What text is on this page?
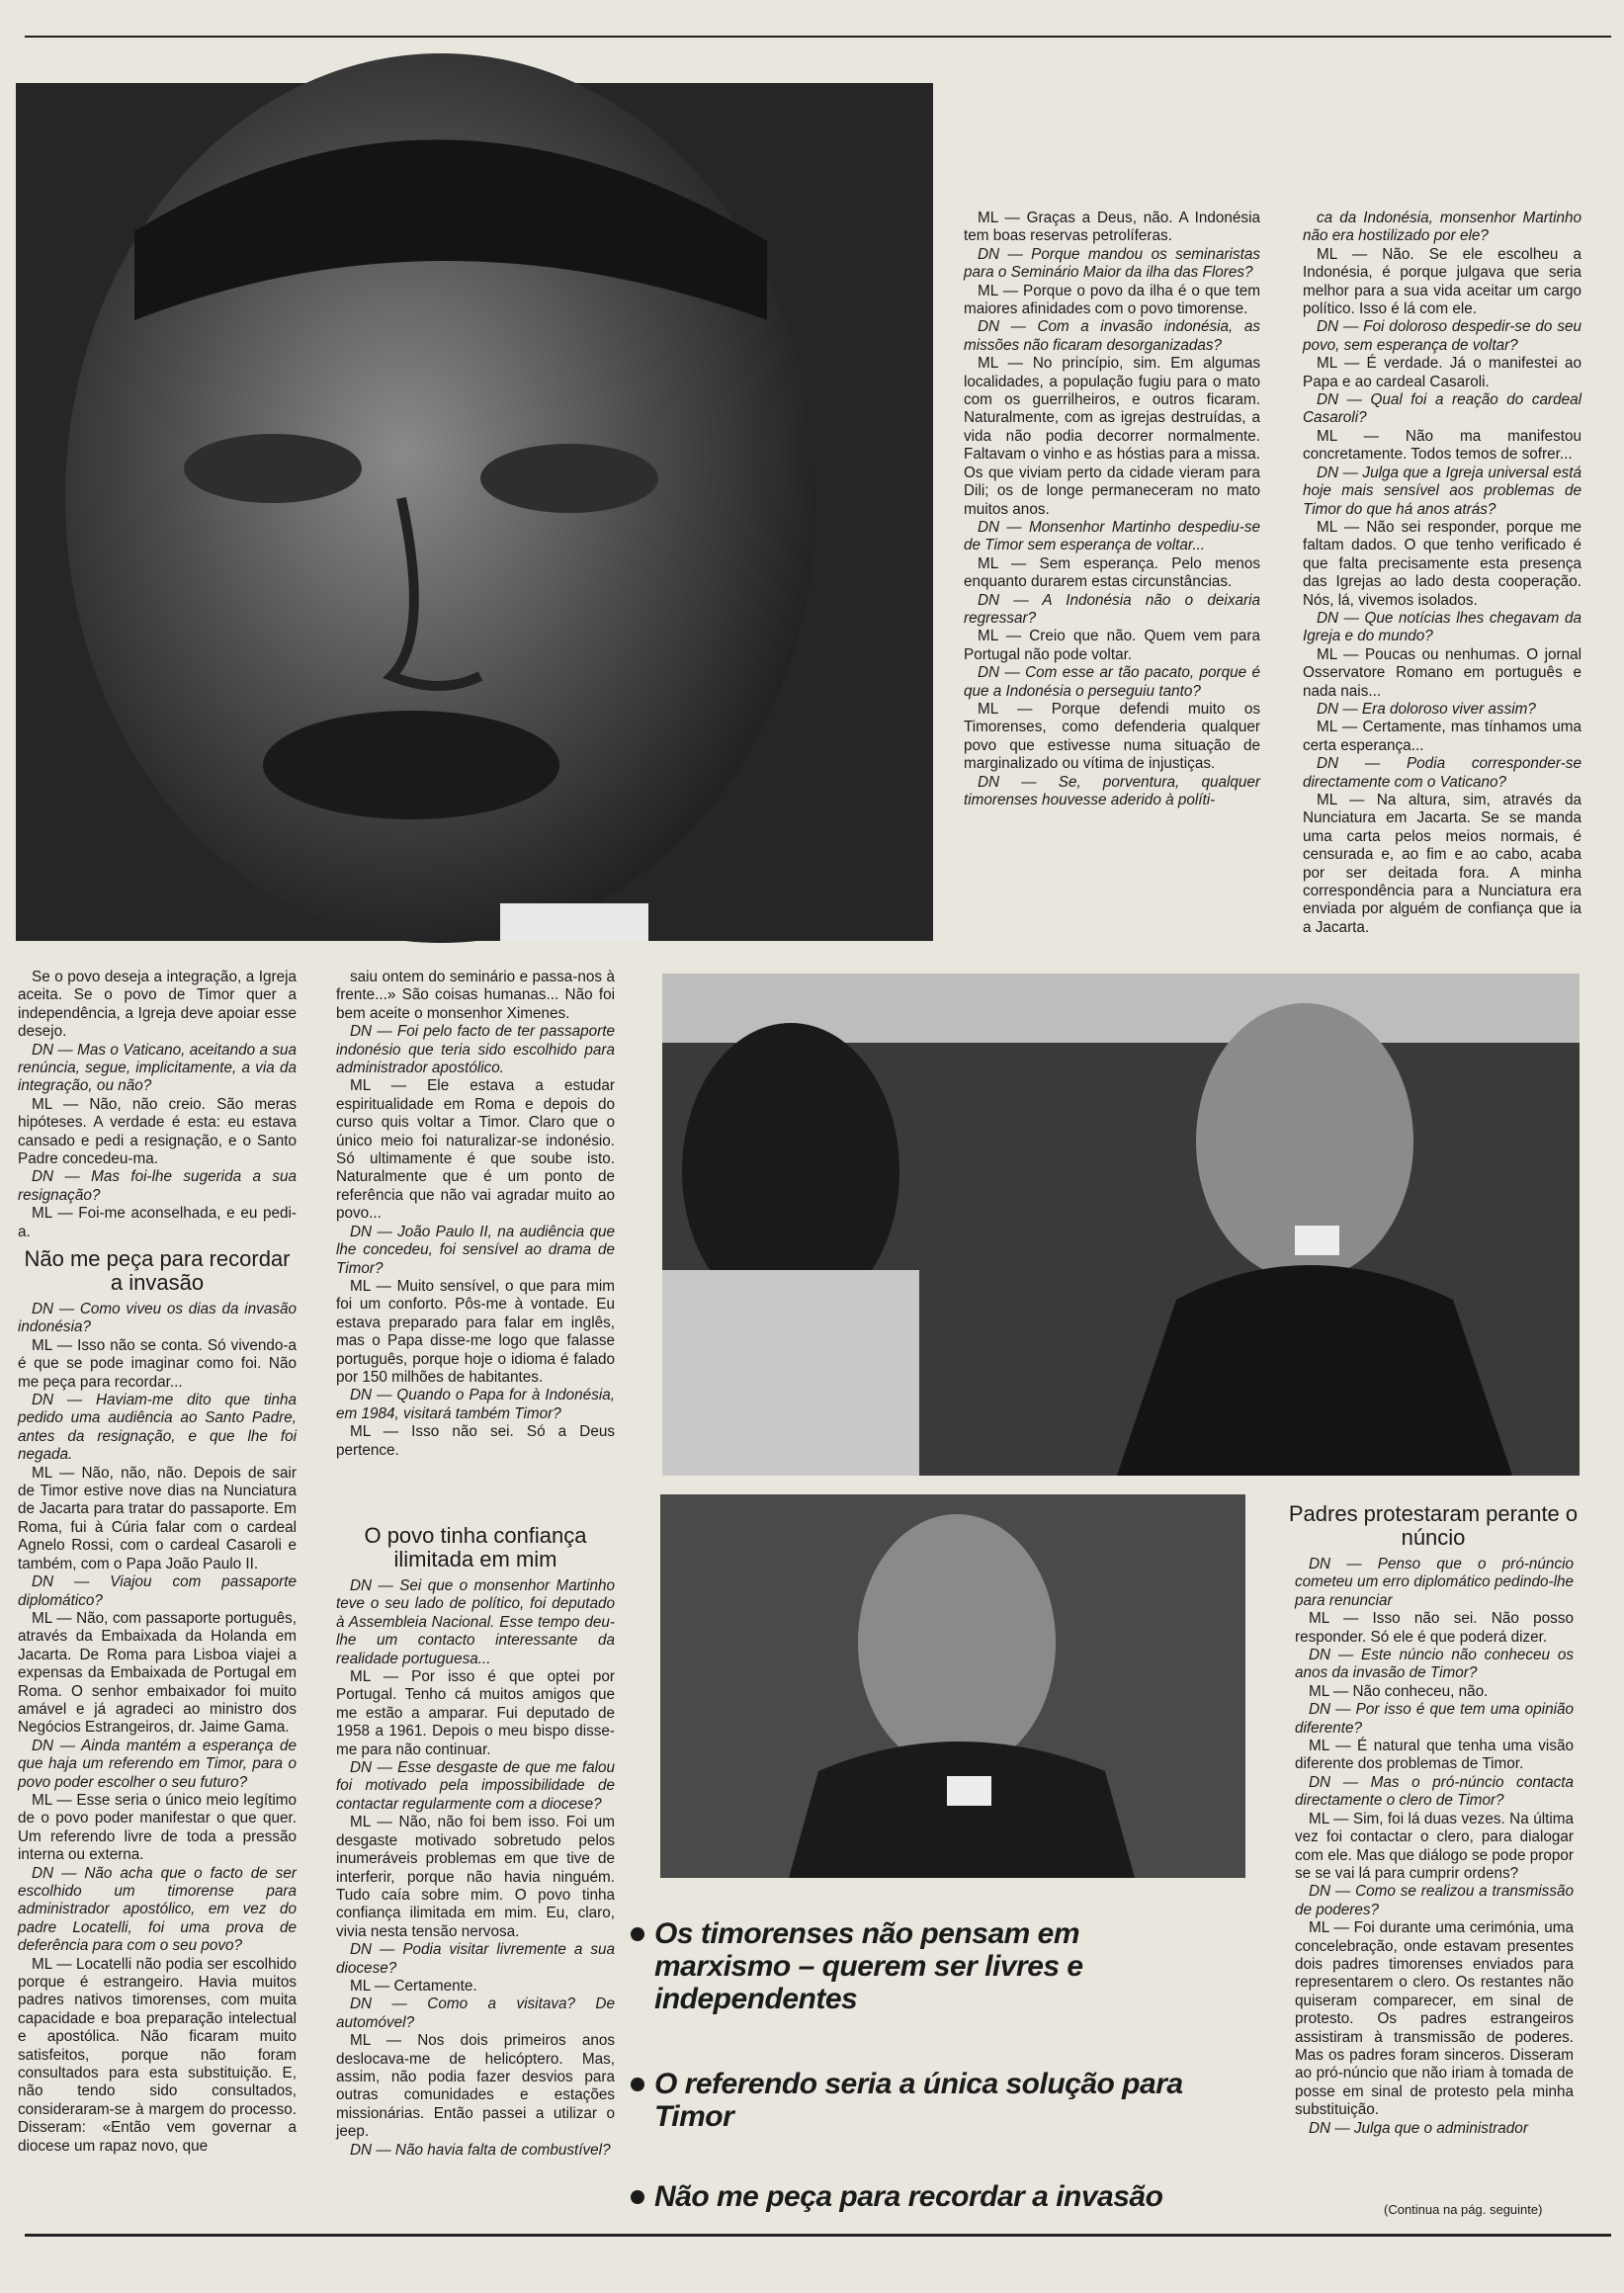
ML — Graças a Deus, não. A Indonésia tem boas reservas petrolíferas.

DN — Porque mandou os seminaristas para o Seminário Maior da ilha das Flores?

ML — Porque o povo da ilha é o que tem maiores afinidades com o povo timorense.

DN — Com a invasão indonésia, as missões não ficaram desorganizadas?

ML — No princípio, sim. Em algumas localidades, a população fugiu para o mato com os guerrilheiros, e outros ficaram. Naturalmente, com as igrejas destruídas, a vida não podia decorrer normalmente. Faltavam o vinho e as hóstias para a missa. Os que viviam perto da cidade vieram para Dili; os de longe permaneceram no mato muitos anos.

DN — Monsenhor Martinho despediu-se de Timor sem esperança de voltar...

ML — Sem esperança. Pelo menos enquanto durarem estas circunstâncias.

DN — A Indonésia não o deixaria regressar?

ML — Creio que não. Quem vem para Portugal não pode voltar.

DN — Com esse ar tão pacato, porque é que a Indonésia o perseguiu tanto?

ML — Porque defendi muito os Timorenses, como defenderia qualquer povo que estivesse numa situação de marginalizado ou vítima de injustiças.

DN — Se, porventura, qualquer timorenses houvesse aderido à políti-

ca da Indonésia, monsenhor Martinho não era hostilizado por ele?

ML — Não. Se ele escolheu a Indonésia, é porque julgava que seria melhor para a sua vida aceitar um cargo político. Isso é lá com ele.

DN — Foi doloroso despedir-se do seu povo, sem esperança de voltar?

ML — É verdade. Já o manifestei ao Papa e ao cardeal Casaroli.

DN — Qual foi a reação do cardeal Casaroli?

ML — Não ma manifestou concretamente. Todos temos de sofrer...

DN — Julga que a Igreja universal está hoje mais sensível aos problemas de Timor do que há anos atrás?

ML — Não sei responder, porque me faltam dados. O que tenho verificado é que falta precisamente esta presença das Igrejas ao lado desta cooperação. Nós, lá, vivemos isolados.

DN — Que notícias lhes chegavam da Igreja e do mundo?

ML — Poucas ou nenhumas. O jornal Osservatore Romano em português e nada nais...

DN — Era doloroso viver assim?

ML — Certamente, mas tínhamos uma certa esperança...

DN — Podia corresponder-se directamente com o Vaticano?

ML — Na altura, sim, através da Nunciatura em Jacarta. Se se manda uma carta pelos meios normais, é censurada e, ao fim e ao cabo, acaba por ser deitada fora. A minha correspondência para a Nunciatura era enviada por alguém de confiança que ia a Jacarta.

Se o povo deseja a integração, a Igreja aceita. Se o povo de Timor quer a independência, a Igreja deve apoiar esse desejo.

DN — Mas o Vaticano, aceitando a sua renúncia, segue, implicitamente, a via da integração, ou não?

ML — Não, não creio. São meras hipóteses. A verdade é esta: eu estava cansado e pedi a resignação, e o Santo Padre concedeu-ma.

DN — Mas foi-lhe sugerida a sua resignação?

ML — Foi-me aconselhada, e eu pedi-a.

Não me peça para recordar a invasão

DN — Como viveu os dias da invasão indonésia?

ML — Isso não se conta. Só vivendo-a é que se pode imaginar como foi. Não me peça para recordar...

DN — Haviam-me dito que tinha pedido uma audiência ao Santo Padre, antes da resignação, e que lhe foi negada.

ML — Não, não, não. Depois de sair de Timor estive nove dias na Nunciatura de Jacarta para tratar do passaporte. Em Roma, fui à Cúria falar com o cardeal Agnelo Rossi, com o cardeal Casaroli e também, com o Papa João Paulo II.

DN — Viajou com passaporte diplomático?

ML — Não, com passaporte português, através da Embaixada da Holanda em Jacarta. De Roma para Lisboa viajei a expensas da Embaixada de Portugal em Roma. O senhor embaixador foi muito amável e já agradeci ao ministro dos Negócios Estrangeiros, dr. Jaime Gama.

DN — Ainda mantém a esperança de que haja um referendo em Timor, para o povo poder escolher o seu futuro?

ML — Esse seria o único meio legítimo de o povo poder manifestar o que quer. Um referendo livre de toda a pressão interna ou externa.

DN — Não acha que o facto de ser escolhido um timorense para administrador apostólico, em vez do padre Locatelli, foi uma prova de deferência para com o seu povo?

ML — Locatelli não podia ser escolhido porque é estrangeiro. Havia muitos padres nativos timorenses, com muita capacidade e boa preparação intelectual e apostólica. Não ficaram muito satisfeitos, porque não foram consultados para esta substituição. E, não tendo sido consultados, consideraram-se à margem do processo. Disseram: «Então vem governar a diocese um rapaz novo, que

saiu ontem do seminário e passa-nos à frente...» São coisas humanas... Não foi bem aceite o monsenhor Ximenes.

DN — Foi pelo facto de ter passaporte indonésio que teria sido escolhido para administrador apostólico.

ML — Ele estava a estudar espiritualidade em Roma e depois do curso quis voltar a Timor. Claro que o único meio foi naturalizar-se indonésio. Só ultimamente é que soube isto. Naturalmente que é um ponto de referência que não vai agradar muito ao povo...

DN — João Paulo II, na audiência que lhe concedeu, foi sensível ao drama de Timor?

ML — Muito sensível, o que para mim foi um conforto. Pôs-me à vontade. Eu estava preparado para falar em inglês, mas o Papa disse-me logo que falasse português, porque hoje o idioma é falado por 150 milhões de habitantes.

DN — Quando o Papa for à Indonésia, em 1984, visitará também Timor?

ML — Isso não sei. Só a Deus pertence.

O povo tinha confiança ilimitada em mim

DN — Sei que o monsenhor Martinho teve o seu lado de político, foi deputado à Assembleia Nacional. Esse tempo deu-lhe um contacto interessante da realidade portuguesa...

ML — Por isso é que optei por Portugal. Tenho cá muitos amigos que me estão a amparar. Fui deputado de 1958 a 1961. Depois o meu bispo disse-me para não continuar.

DN — Esse desgaste de que me falou foi motivado pela impossibilidade de contactar regularmente com a diocese?

ML — Não, não foi bem isso. Foi um desgaste motivado sobretudo pelos inumeráveis problemas em que tive de interferir, porque não havia ninguém. Tudo caía sobre mim. O povo tinha confiança ilimitada em mim. Eu, claro, vivia nesta tensão nervosa.

DN — Podia visitar livremente a sua diocese?

ML — Certamente.

DN — Como a visitava? De automóvel?

ML — Nos dois primeiros anos deslocava-me de helicóptero. Mas, assim, não podia fazer desvios para outras comunidades e estações missionárias. Então passei a utilizar o jeep.

DN — Não havia falta de combustível?

Padres protestaram perante o núncio

DN — Penso que o pró-núncio cometeu um erro diplomático pedindo-lhe para renunciar

ML — Isso não sei. Não posso responder. Só ele é que poderá dizer.

DN — Este núncio não conheceu os anos da invasão de Timor?

ML — Não conheceu, não.

DN — Por isso é que tem uma opinião diferente?

ML — É natural que tenha uma visão diferente dos problemas de Timor.

DN — Mas o pró-núncio contacta directamente o clero de Timor?

ML — Sim, foi lá duas vezes. Na última vez foi contactar o clero, para dialogar com ele. Mas que diálogo se pode propor se se vai lá para cumprir ordens?

DN — Como se realizou a transmissão de poderes?

ML — Foi durante uma cerimónia, uma concelebração, onde estavam presentes dois padres timorenses enviados para representarem o clero. Os restantes não quiseram comparecer, em sinal de protesto. Os padres estrangeiros assistiram à transmissão de poderes. Mas os padres foram sinceros. Disseram ao pró-núncio que não iriam à tomada de posse em sinal de protesto pela minha substituição.

DN — Julga que o administrador

Os timorenses não pensam em marxismo – querem ser livres e independentes
O referendo seria a única solução para Timor
Não me peça para recordar a invasão	(Continua na pág. seguinte)
